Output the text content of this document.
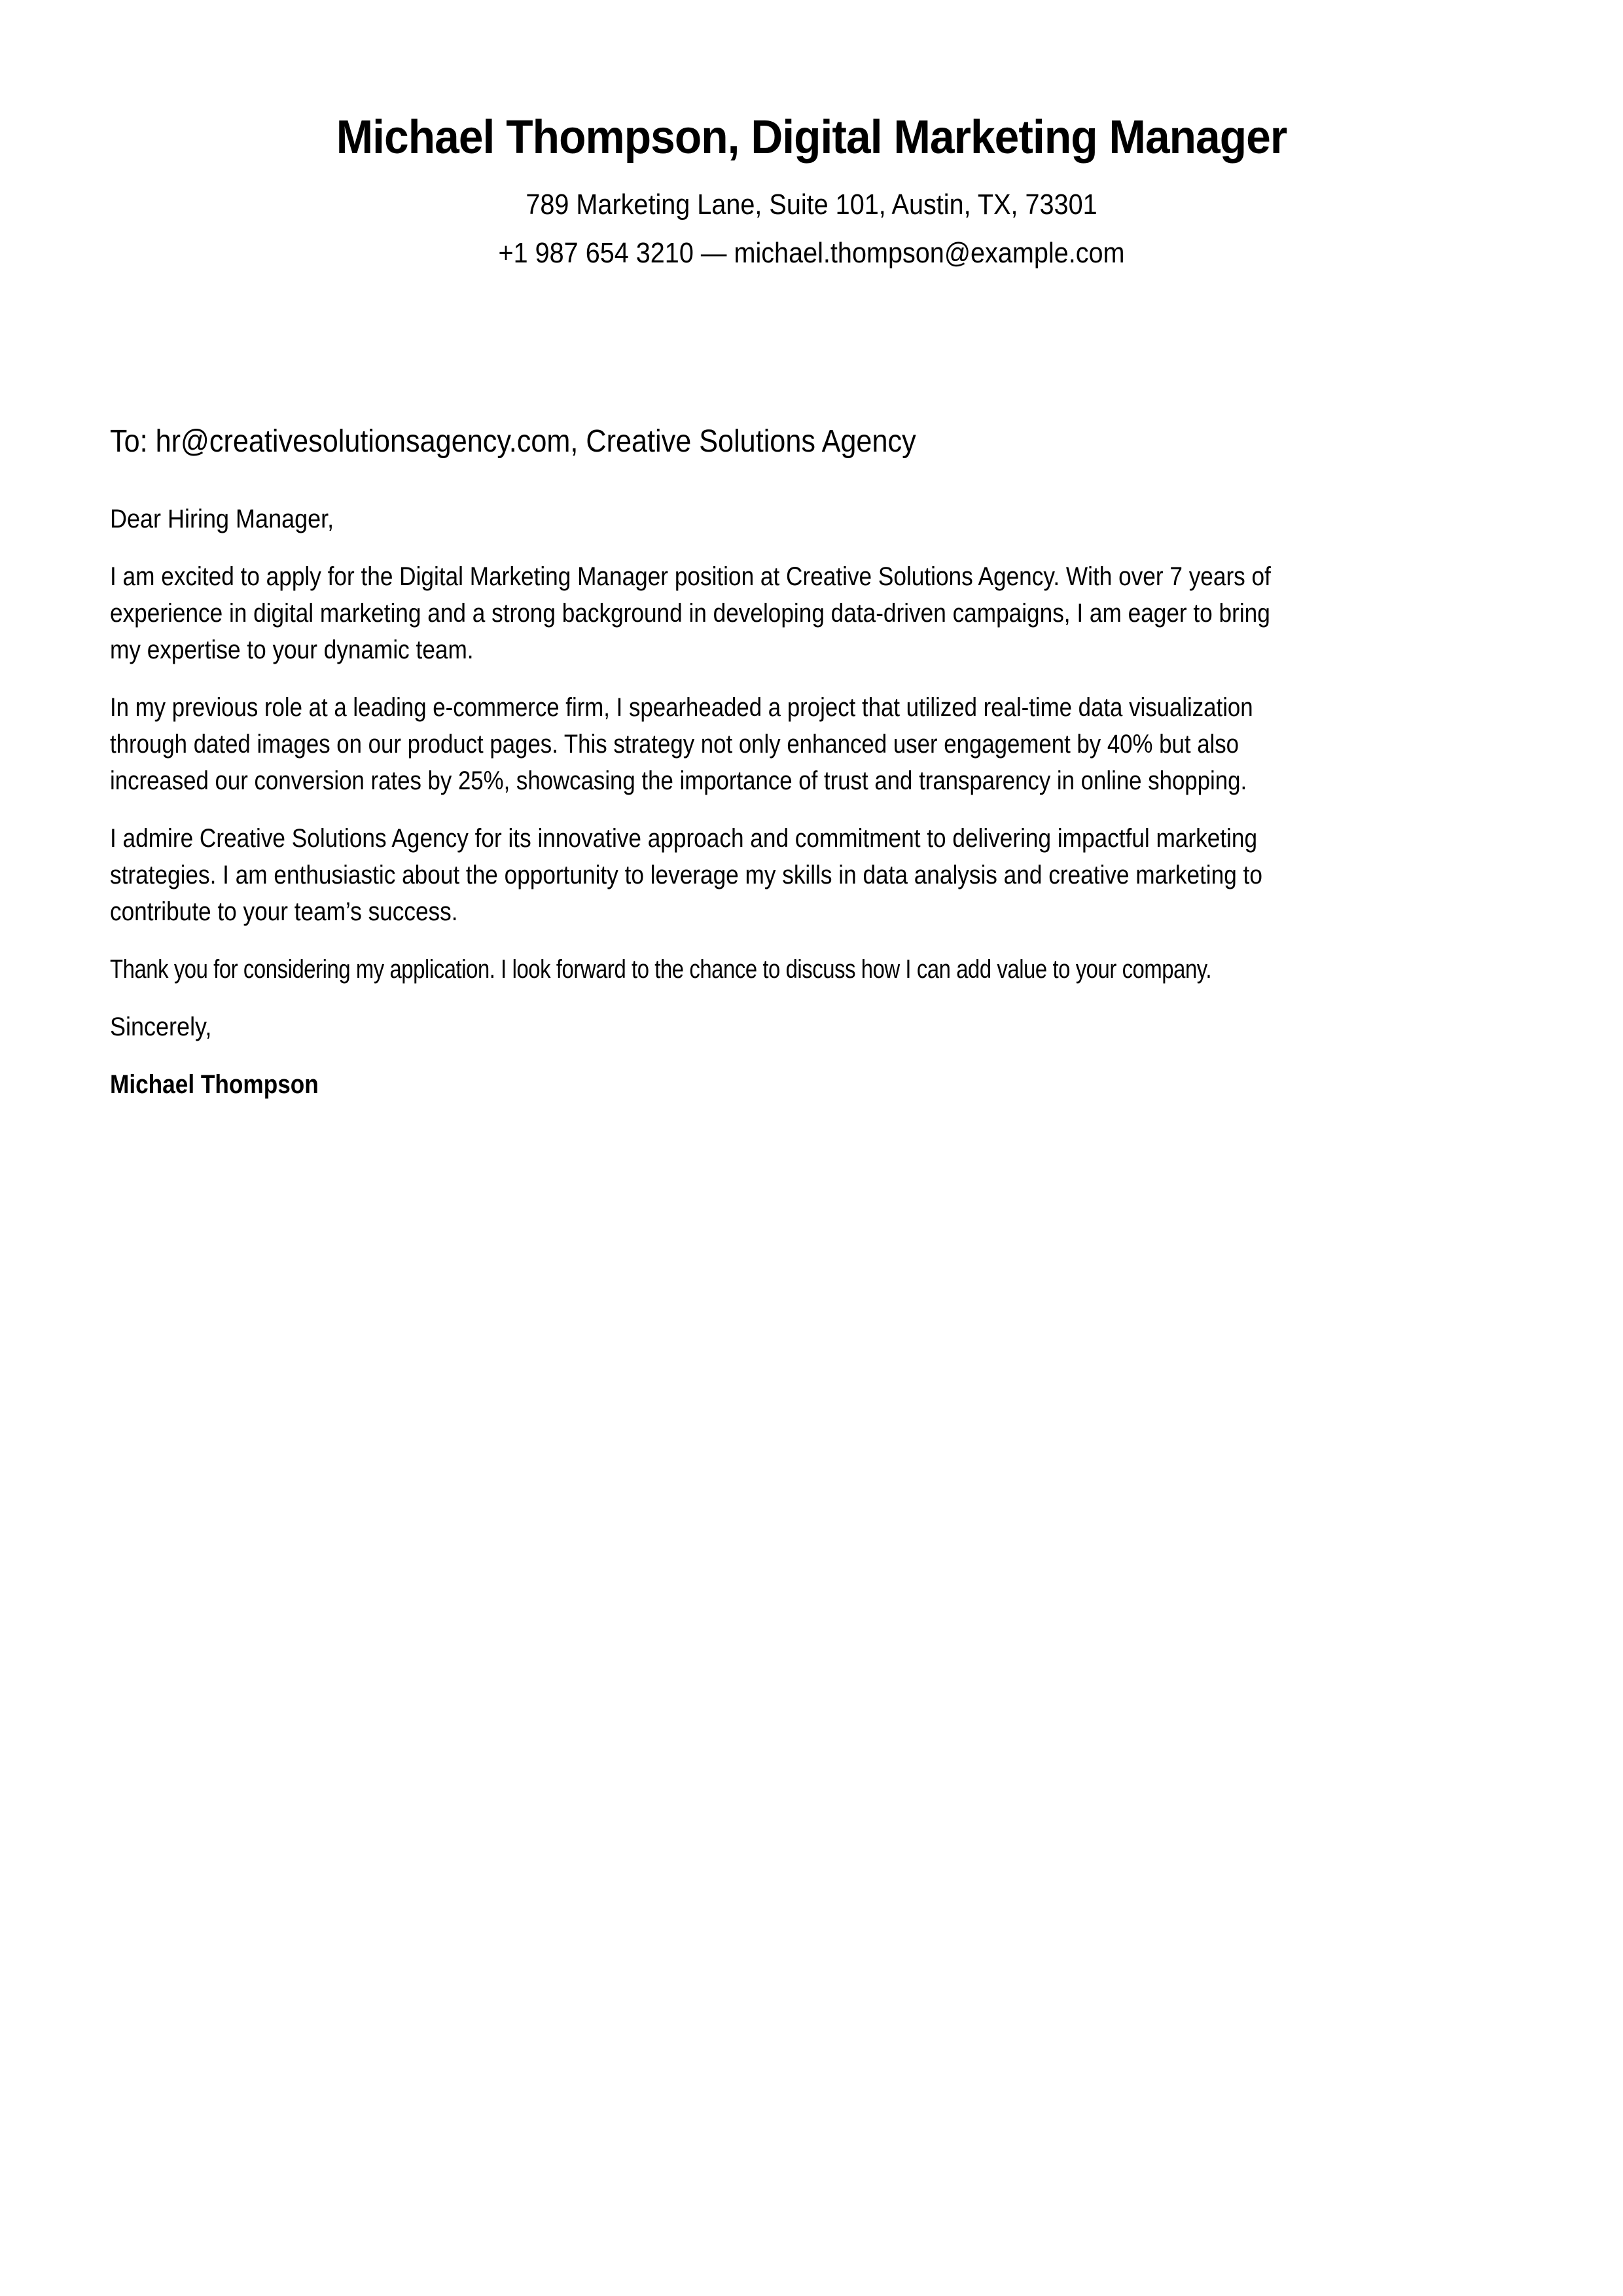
Michael Thompson, Digital Marketing Manager

789 Marketing Lane, Suite 101, Austin, TX, 73301

+1 987 654 3210 — michael.thompson@example.com

To: hr@creativesolutionsagency.com, Creative Solutions Agency
Dear Hiring Manager,
I am excited to apply for the Digital Marketing Manager position at Creative Solutions Agency. With over 7 years of
experience in digital marketing and a strong background in developing data-driven campaigns, I am eager to bring
my expertise to your dynamic team.
In my previous role at a leading e-commerce firm, I spearheaded a project that utilized real-time data visualization
through dated images on our product pages. This strategy not only enhanced user engagement by 40% but also
increased our conversion rates by 25%, showcasing the importance of trust and transparency in online shopping.
I admire Creative Solutions Agency for its innovative approach and commitment to delivering impactful marketing
strategies. I am enthusiastic about the opportunity to leverage my skills in data analysis and creative marketing to
contribute to your team’s success.
Thank you for considering my application. I look forward to the chance to discuss how I can add value to your company.
Sincerely,
Michael Thompson
